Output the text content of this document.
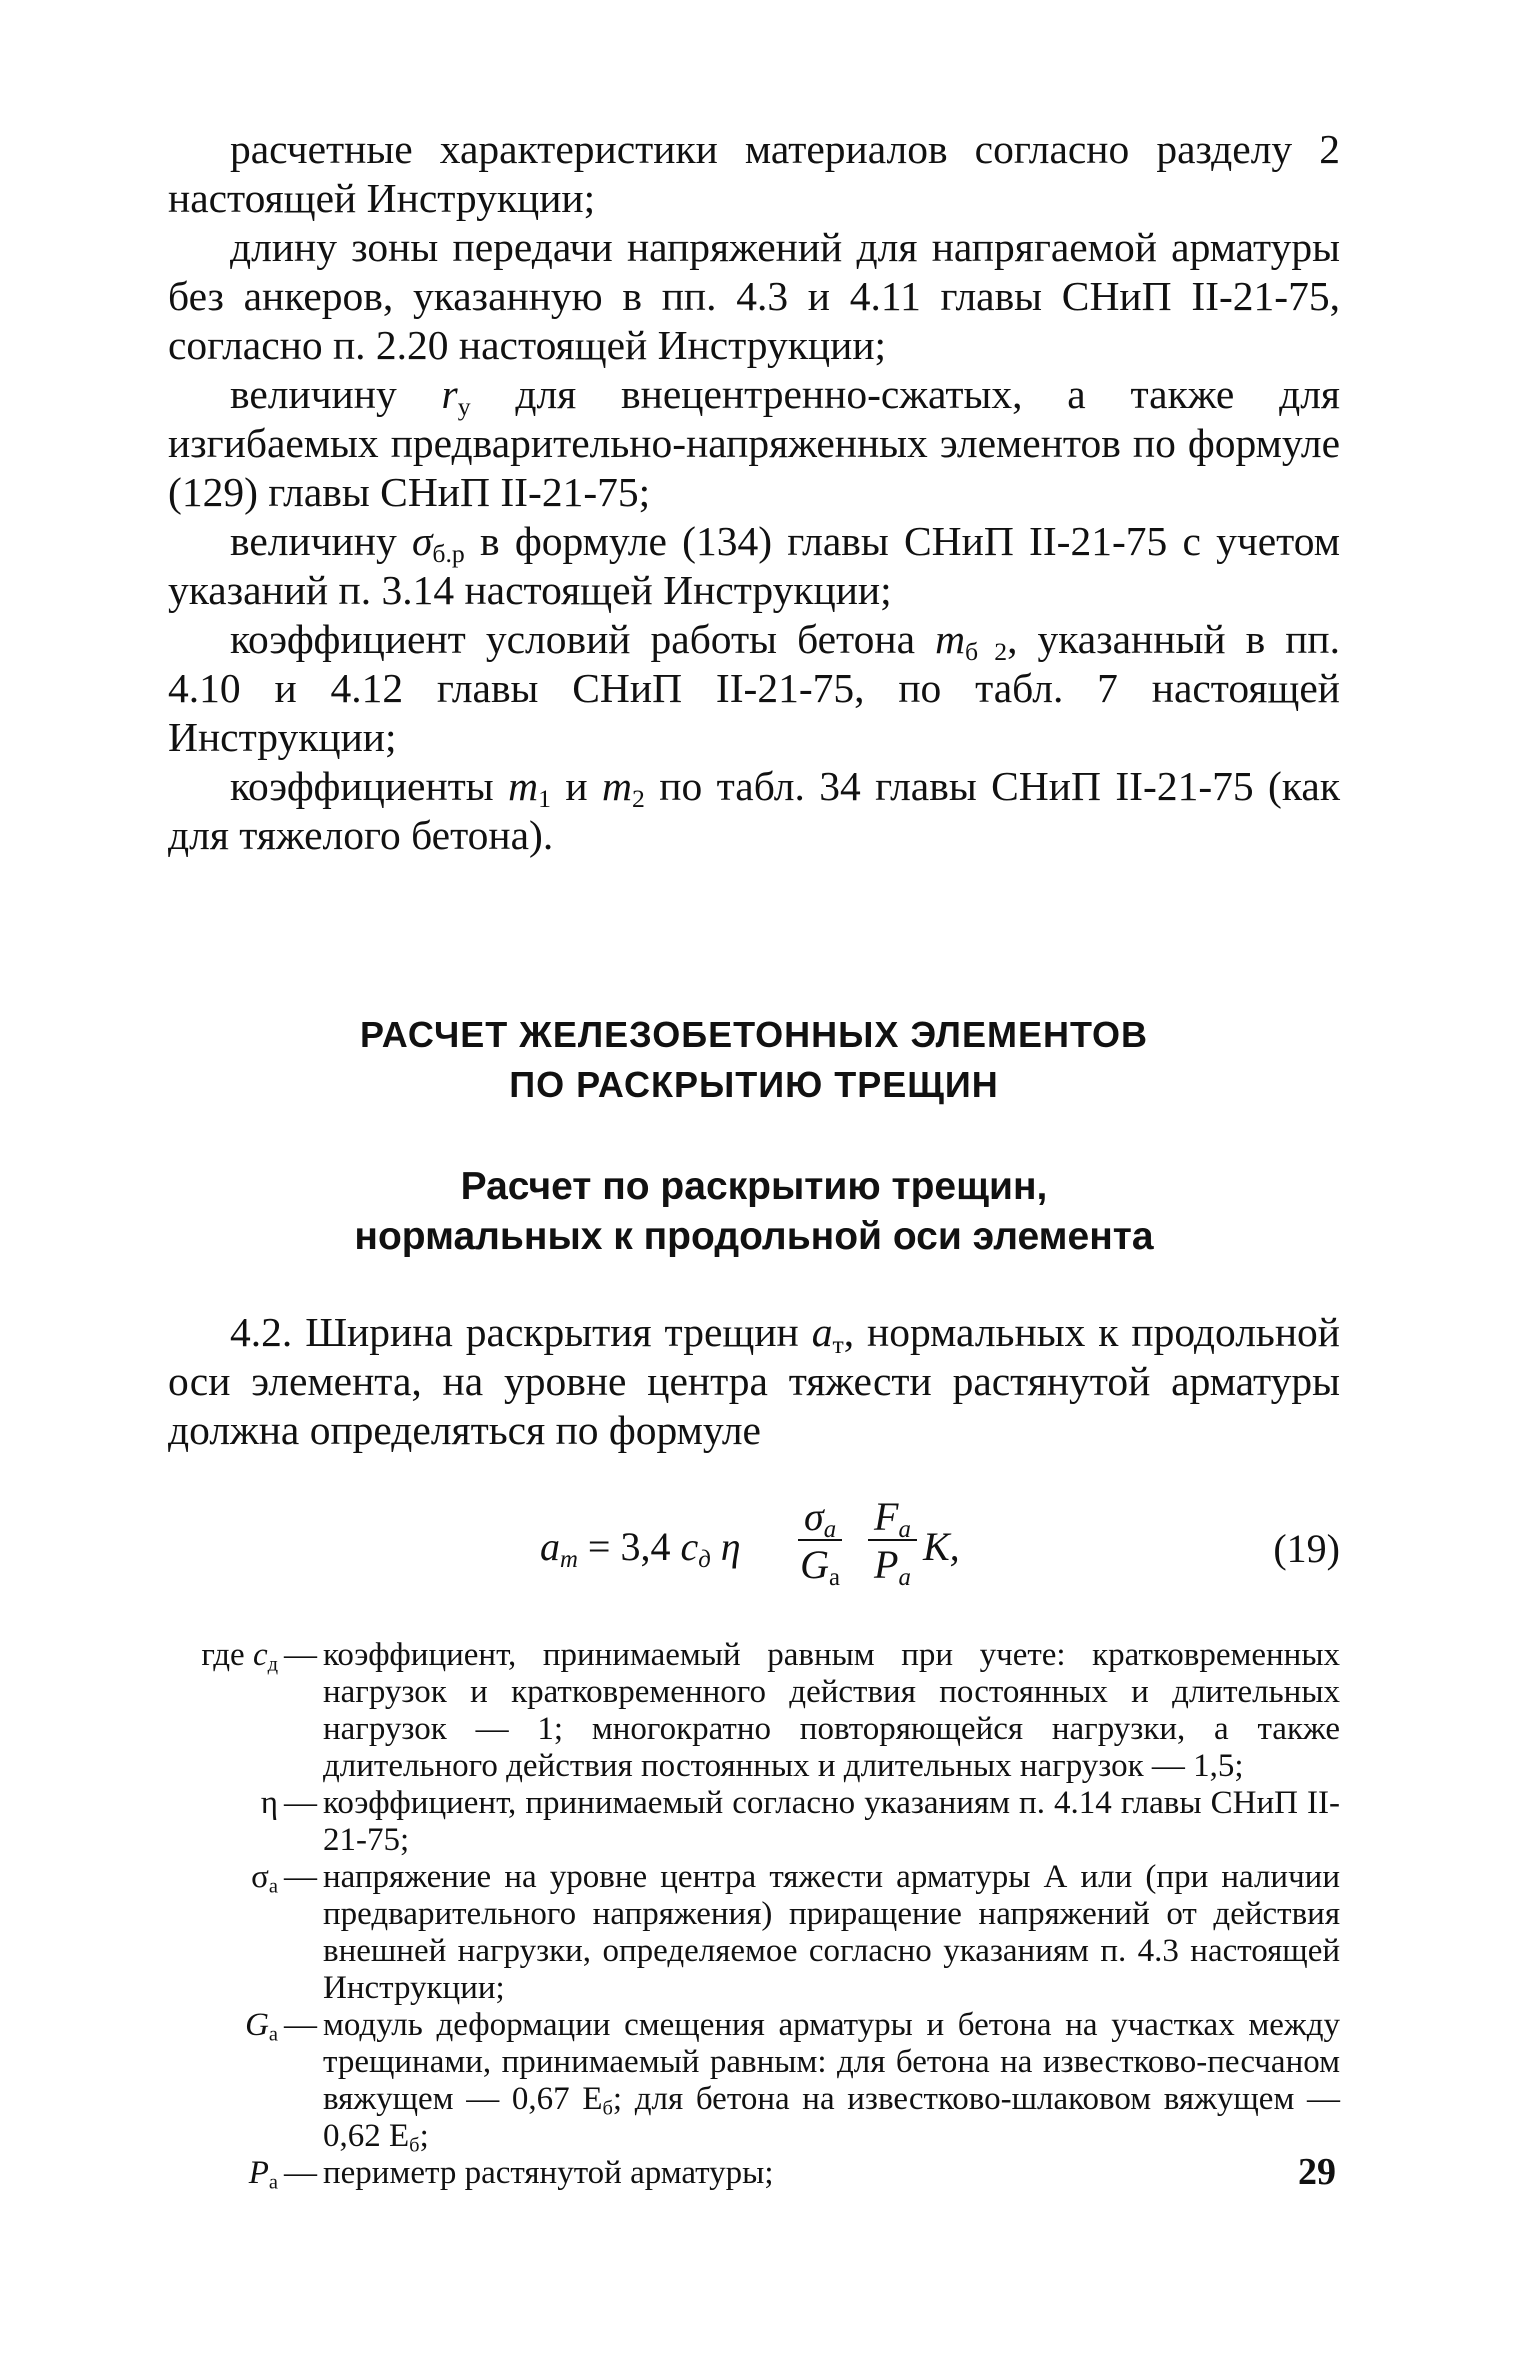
расчетные характеристики материалов согласно разделу 2 настоящей Инструкции;

длину зоны передачи напряжений для напрягаемой арматуры без анкеров, указанную в пп. 4.3 и 4.11 главы СНиП II-21-75, согласно п. 2.20 настоящей Инструкции;

величину $r_у$ для внецентренно-сжатых, а также для изгибаемых предварительно-напряженных элементов по формуле (129) главы СНиП II-21-75;

величину $\sigma_{б.р}$ в формуле (134) главы СНиП II-21-75 с учетом указаний п. 3.14 настоящей Инструкции;

коэффициент условий работы бетона $m_{б 2}$, указанный в пп. 4.10 и 4.12 главы СНиП II-21-75, по табл. 7 настоящей Инструкции;

коэффициенты $m_1$ и $m_2$ по табл. 34 главы СНиП II-21-75 (как для тяжелого бетона).

РАСЧЕТ ЖЕЛЕЗОБЕТОННЫХ ЭЛЕМЕНТОВ
ПО РАСКРЫТИЮ ТРЕЩИН
Расчет по раскрытию трещин,
нормальных к продольной оси элемента

4.2. Ширина раскрытия трещин $a_т$, нормальных к продольной оси элемента, на уровне центра тяжести растянутой арматуры должна определяться по формуле

$a_т = 3,4$ $c_д$ η
$\sigma_а$
$G_а$
$F_а$
$P_а$
K,	(19)
где $c_д$ — коэффициент, принимаемый равным при учете: кратковременных нагрузок и кратковременного действия постоянных и длительных нагрузок — 1; многократно повторяющейся нагрузки, а также длительного действия постоянных и длительных нагрузок — 1,5;
η — коэффициент, принимаемый согласно указаниям п. 4.14 главы СНиП II-21-75;
$\sigma_а$ — напряжение на уровне центра тяжести арматуры А или (при наличии предварительного напряжения) приращение напряжений от действия внешней нагрузки, определяемое согласно указаниям п. 4.3 настоящей Инструкции;
$G_а$ — модуль деформации смещения арматуры и бетона на участках между трещинами, принимаемый равным: для бетона на известково-песчаном вяжущем — 0,67 $Е_б$; для бетона на известково-шлаковом вяжущем — 0,62 $Е_б$;
$P_а$ — периметр растянутой арматуры;	29
